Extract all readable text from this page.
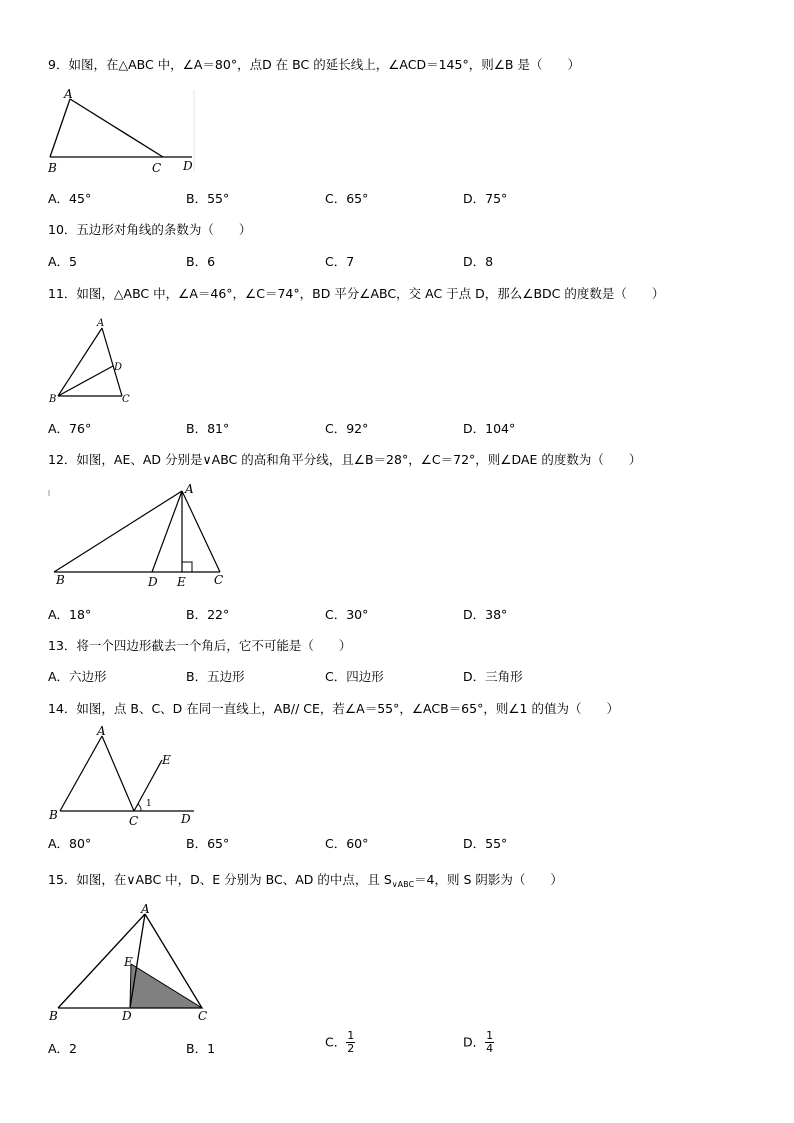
9．如图，在△ABC 中，∠A＝80°，点D 在 BC 的延长线上，∠ACD＝145°，则∠B 是（　　）
A
B	C D
A．45°	B．55°	C．65°	D．75°
10．五边形对角线的条数为（　　）
A．5	B．6	C．7	D．8
11．如图，△ABC 中，∠A＝46°，∠C＝74°，BD 平分∠ABC，交 AC 于点 D，那么∠BDC 的度数是（　　）
A
D
B	C
A．76°	B．81°	C．92°	D．104°
12．如图，AE、AD 分别是∨ABC 的高和角平分线，且∠B＝28°，∠C＝72°，则∠DAE 的度数为（　　）
A
B	D E C
A．18°	B．22°	C．30°	D．38°
13．将一个四边形截去一个角后，它不可能是（　　）
A．六边形	B．五边形	C．四边形	D．三角形
14．如图，点 B、C、D 在同一直线上，AB// CE，若∠A＝55°，∠ACB＝65°，则∠1 的值为（　　）
A
E
1
B	C	D
A．80°	B．65°	C．60°	D．55°
15．如图，在∨ABC 中，D、E 分别为 BC、AD 的中点，且 $S_{\vee ABC}=4$，则 S 阴影为（　　）
A
E
B	D	C
A．2	B．1	C． $\frac{1}{2}$	D． $\frac{1}{4}$
